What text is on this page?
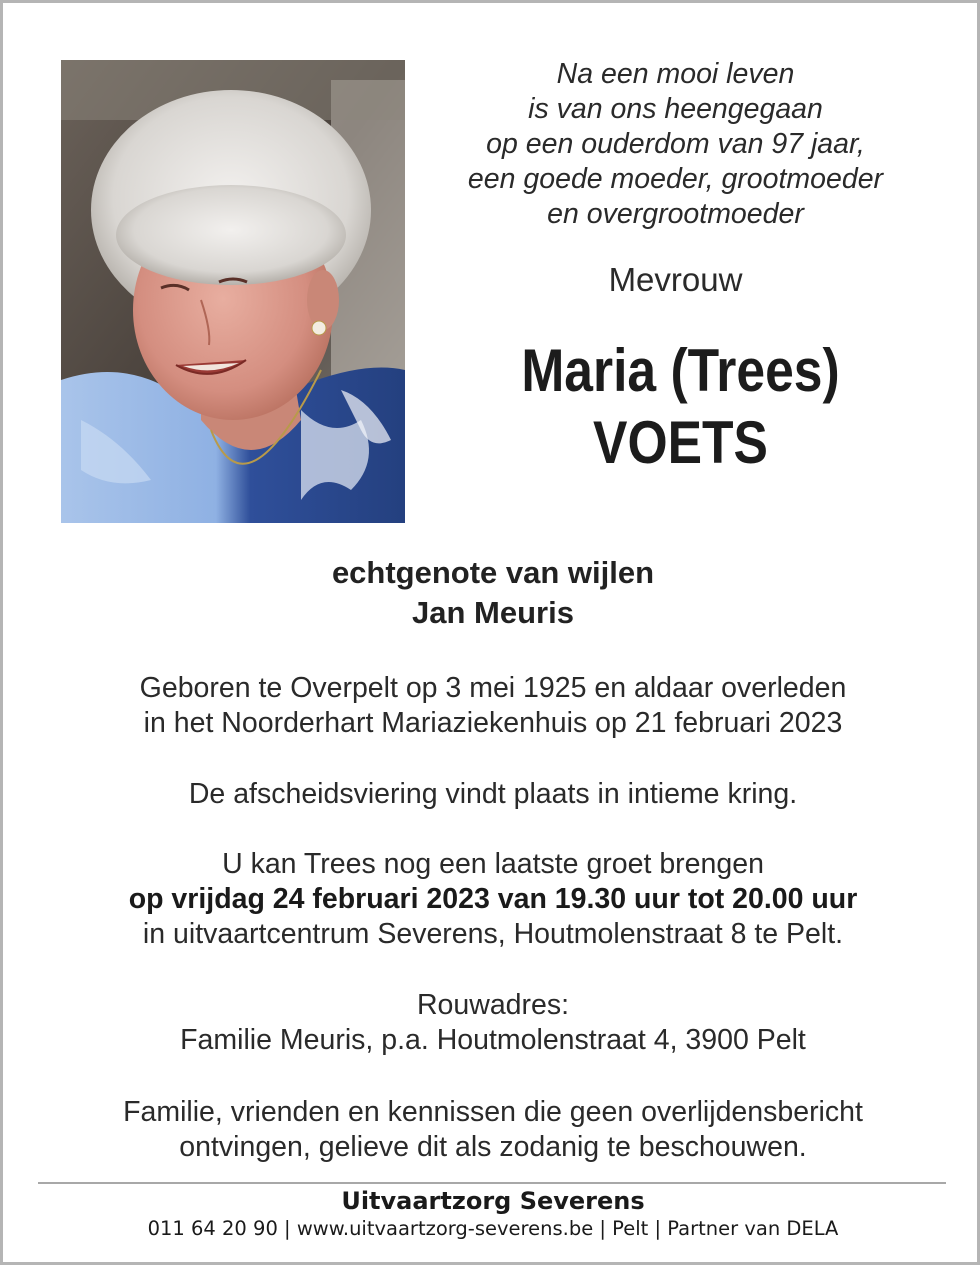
Na een mooi leven
is van ons heengegaan
op een ouderdom van 97 jaar,
een goede moeder, grootmoeder
en overgrootmoeder
Mevrouw
Maria (Trees)
VOETS
echtgenote van wijlen
Jan Meuris
Geboren te Overpelt op 3 mei 1925 en aldaar overleden
in het Noorderhart Mariaziekenhuis op 21 februari 2023
De afscheidsviering vindt plaats in intieme kring.
U kan Trees nog een laatste groet brengen
op vrijdag 24 februari 2023 van 19.30 uur tot 20.00 uur
in uitvaartcentrum Severens, Houtmolenstraat 8 te Pelt.
Rouwadres:
Familie Meuris, p.a. Houtmolenstraat 4, 3900 Pelt
Familie, vrienden en kennissen die geen overlijdensbericht
ontvingen, gelieve dit als zodanig te beschouwen.
Uitvaartzorg Severens
011 64 20 90 | www.uitvaartzorg-severens.be | Pelt | Partner van DELA
